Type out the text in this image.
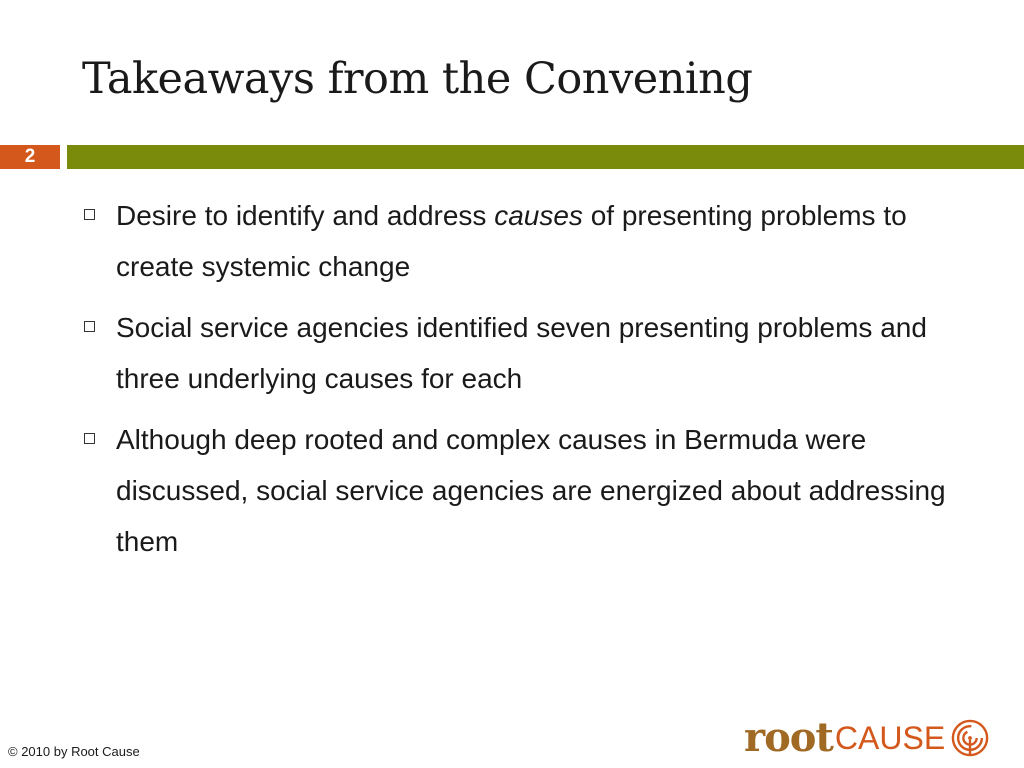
Takeaways from the Convening
2
Desire to identify and address causes of presenting problems to create systemic change
Social service agencies identified seven presenting problems and three underlying causes for each
Although deep rooted and complex causes in Bermuda were discussed, social service agencies are energized about addressing them
© 2010 by Root Cause	root CAUSE
